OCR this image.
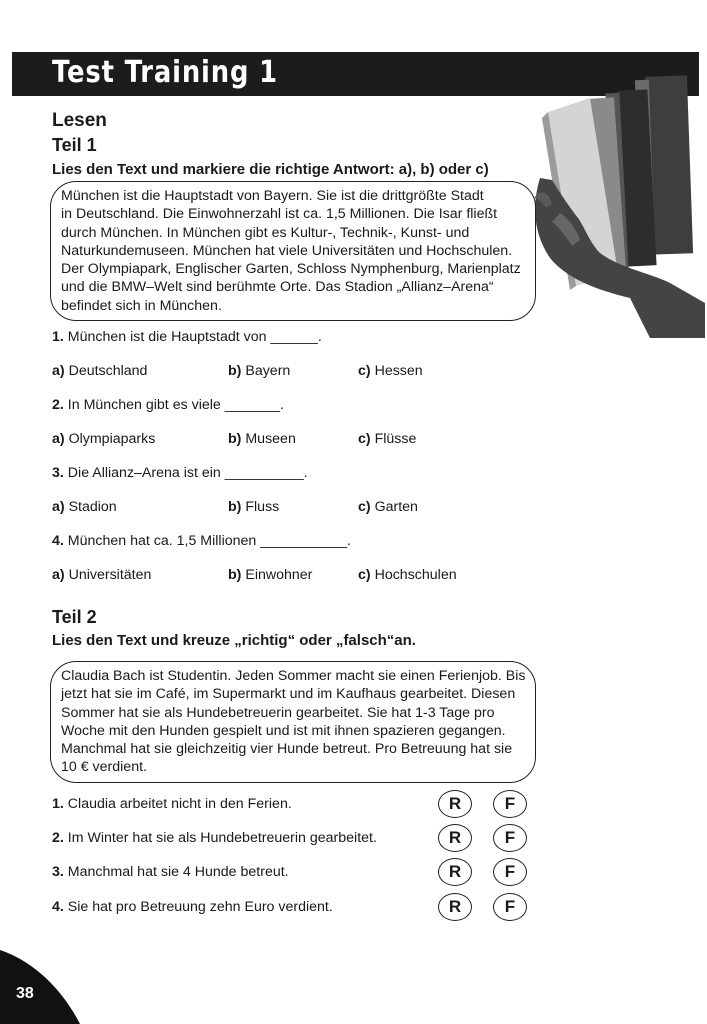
Test Training 1
Lesen
Teil 1

Lies den Text und markiere die richtige Antwort: a), b) oder c)

München ist die Hauptstadt von Bayern. Sie ist die drittgrößte Stadt
in Deutschland. Die Einwohnerzahl ist ca. 1,5 Millionen. Die Isar fließt
durch München. In München gibt es Kultur-, Technik-, Kunst- und
Naturkundemuseen. München hat viele Universitäten und Hochschulen.
Der Olympiapark, Englischer Garten, Schloss Nymphenburg, Marienplatz
und die BMW–Welt sind berühmte Orte. Das Stadion „Allianz–Arena“
befindet sich in München.
1. München ist die Hauptstadt von ______.
a) Deutschland	b) Bayern	c) Hessen
2. In München gibt es viele _______.
a) Olympiaparks	b) Museen	c) Flüsse
3. Die Allianz–Arena ist ein __________.
a) Stadion	b) Fluss	c) Garten
4. München hat ca. 1,5 Millionen ___________.
a) Universitäten	b) Einwohner	c) Hochschulen
Teil 2

Lies den Text und kreuze „richtig“ oder „falsch“an.

Claudia Bach ist Studentin. Jeden Sommer macht sie einen Ferienjob. Bis
jetzt hat sie im Café, im Supermarkt und im Kaufhaus gearbeitet. Diesen
Sommer hat sie als Hundebetreuerin gearbeitet. Sie hat 1-3 Tage pro
Woche mit den Hunden gespielt und ist mit ihnen spazieren gegangen.
Manchmal hat sie gleichzeitig vier Hunde betreut. Pro Betreuung hat sie
10 € verdient.
1. Claudia arbeitet nicht in den Ferien.	R	F
2. Im Winter hat sie als Hundebetreuerin gearbeitet.	R	F
3. Manchmal hat sie 4 Hunde betreut.	R	F
4. Sie hat pro Betreuung zehn Euro verdient.	R	F
38
